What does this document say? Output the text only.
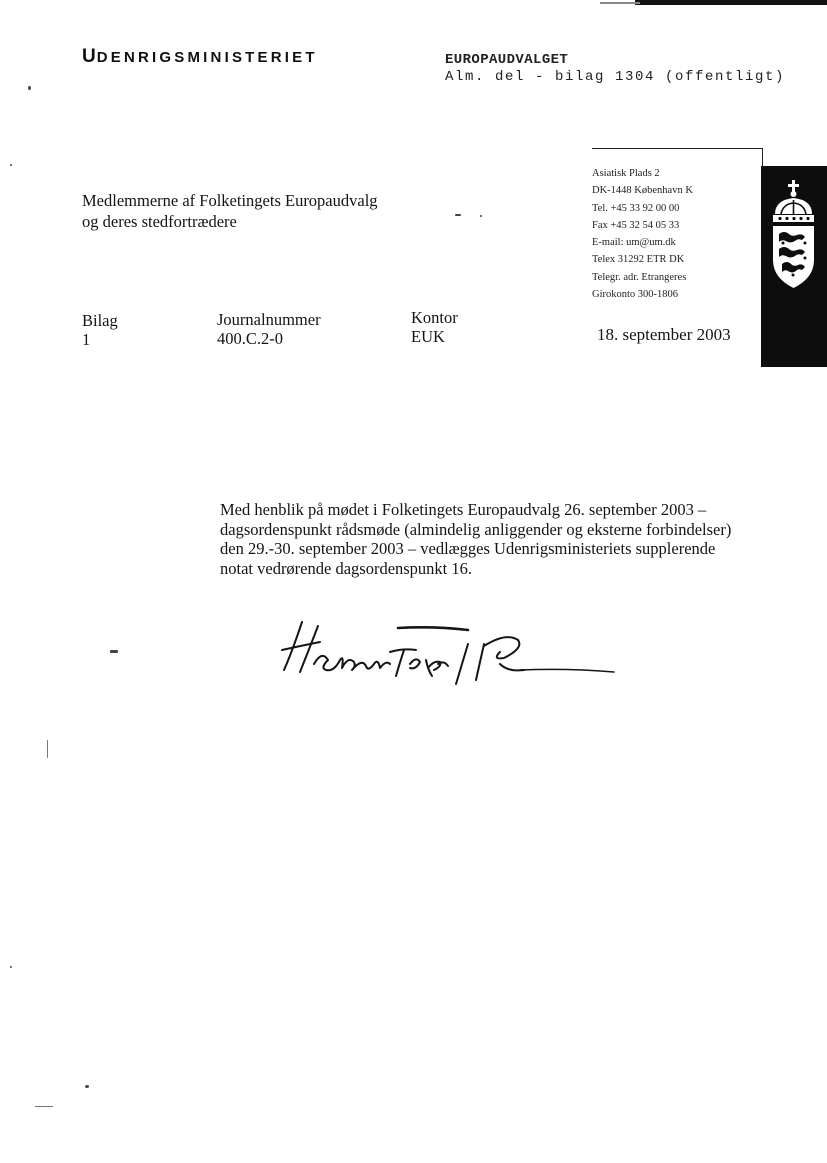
UDENRIGSMINISTERIET	EUROPAUDVALGET
Alm. del - bilag 1304 (offentligt)
Asiatisk Plads 2
DK-1448 København K
Tel. +45 33 92 00 00
Fax +45 32 54 05 33
E-mail: um@um.dk
Telex 31292 ETR DK
Telegr. adr. Etrangeres
Girokonto 300-1806
Medlemmerne af Folketingets Europaudvalg
og deres stedfortrædere
Bilag
1
Journalnummer
400.C.2-0
Kontor
EUK	18. september 2003
Med henblik på mødet i Folketingets Europaudvalg 26. september 2003 –
dagsordenspunkt rådsmøde (almindelig anliggender og eksterne forbindelser)
den 29.-30. september 2003 – vedlægges Udenrigsministeriets supplerende
notat vedrørende dagsordenspunkt 16.
